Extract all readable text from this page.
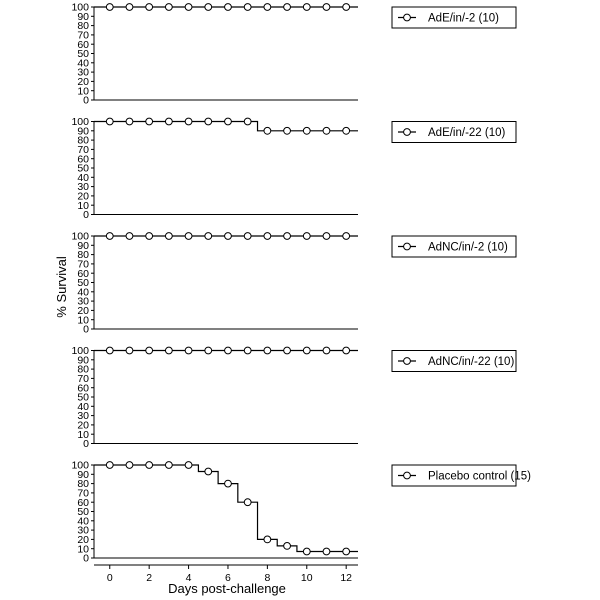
% Survival
Days post-challenge
0
10
20
30
40
50
60
70
80
90
100
AdE/in/-2 (10)
0
10
20
30
40
50
60
70
80
90
100
AdE/in/-22 (10)
0
10
20
30
40
50
60
70
80
90
100
AdNC/in/-2 (10)
0
10
20
30
40
50
60
70
80
90
100
AdNC/in/-22 (10)
0
10
20
30
40
50
60
70
80
90
100
Placebo control (15)
0	2	4	6	8	10	12
